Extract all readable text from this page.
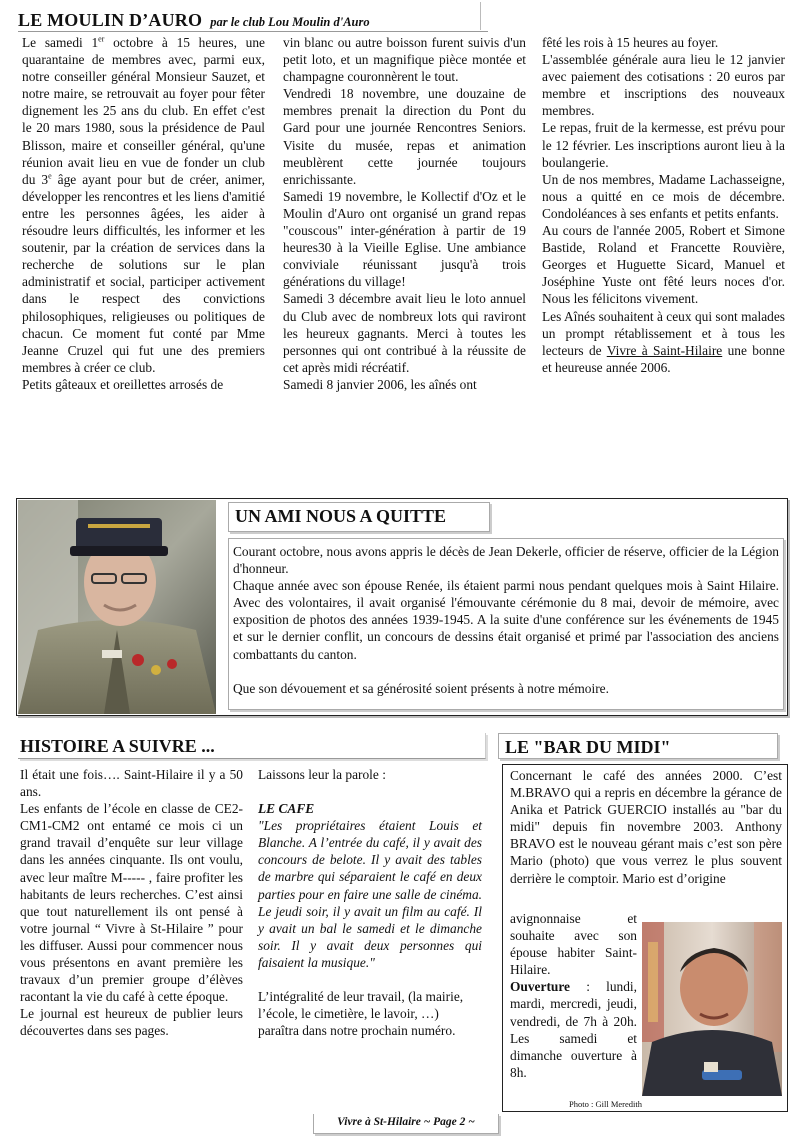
LE MOULIN D’AURO par le club Lou Moulin d'Auro

Le samedi 1er octobre à 15 heures, une quarantaine de membres avec, parmi eux, notre conseiller général Monsieur Sauzet, et notre maire, se retrouvait au foyer pour fêter dignement les 25 ans du club. En effet c'est le 20 mars 1980, sous la présidence de Paul Blisson, maire et conseiller général, qu'une réunion avait lieu en vue de fonder un club du 3e âge ayant pour but de créer, animer, développer les rencontres et les liens d'amitié entre les personnes âgées, les aider à résoudre leurs difficultés, les informer et les soutenir, par la création de services dans la recherche de solutions sur le plan administratif et social, participer activement dans le respect des convictions philosophiques, religieuses ou politiques de chacun. Ce moment fut conté par Mme Jeanne Cruzel qui fut une des premiers membres à créer ce club.

Petits gâteaux et oreillettes arrosés de

vin blanc ou autre boisson furent suivis d'un petit loto, et un magnifique pièce montée et champagne couronnèrent le tout.

Vendredi 18 novembre, une douzaine de membres prenait la direction du Pont du Gard pour une journée Rencontres Seniors. Visite du musée, repas et animation meublèrent cette journée toujours enrichissante.

Samedi 19 novembre, le Kollectif d'Oz et le Moulin d'Auro ont organisé un grand repas "couscous" inter-génération à partir de 19 heures30 à la Vieille Eglise. Une ambiance conviviale réunissant jusqu'à trois générations du village!

Samedi 3 décembre avait lieu le loto annuel du Club avec de nombreux lots qui raviront les heureux gagnants. Merci à toutes les personnes qui ont contribué à la réussite de cet après midi récréatif.

Samedi 8 janvier 2006, les aînés ont

fêté les rois à 15 heures au foyer.

L'assemblée générale aura lieu le 12 janvier avec paiement des cotisations : 20 euros par membre et inscriptions des nouveaux membres.

Le repas, fruit de la kermesse, est prévu pour le 12 février. Les inscriptions auront lieu à la boulangerie.

Un de nos membres, Madame Lachasseigne, nous a quitté en ce mois de décembre. Condoléances à ses enfants et petits enfants.

Au cours de l'année 2005, Robert et Simone Bastide, Roland et Francette Rouvière, Georges et Huguette Sicard, Manuel et Joséphine Yuste ont fêté leurs noces d'or. Nous les félicitons vivement.

Les Aînés souhaitent à ceux qui sont malades un prompt rétablissement et à tous les lecteurs de Vivre à Saint-Hilaire une bonne et heureuse année 2006.

UN AMI NOUS A QUITTE

Courant octobre, nous avons appris le décès de Jean Dekerle, officier de réserve, officier de la Légion d'honneur.

Chaque année avec son épouse Renée, ils étaient parmi nous pendant quelques mois à Saint Hilaire. Avec des volontaires, il avait organisé l'émouvante cérémonie du 8 mai, devoir de mémoire, avec exposition de photos des années 1939-1945. A la suite d'une conférence sur les événements de 1945 et sur le dernier conflit, un concours de dessins était organisé et primé par l'association des anciens combattants du canton.

Que son dévouement et sa générosité soient présents à notre mémoire.

HISTOIRE A SUIVRE ...

Il était une fois…. Saint-Hilaire il y a 50 ans.

Les enfants de l’école en classe de CE2-CM1-CM2 ont entamé ce mois ci un grand travail d’enquête sur leur village dans les années cinquante. Ils ont voulu, avec leur maître M----- , faire profiter les habitants de leurs recherches. C’est ainsi que tout naturellement ils ont pensé à votre journal “ Vivre à St-Hilaire ” pour les diffuser. Aussi pour commencer nous vous présentons en avant première les travaux d’un premier groupe d’élèves racontant la vie du café à cette époque.

Le journal est heureux de publier leurs découvertes dans ses pages.

Laissons leur la parole :

LE CAFE

"Les propriétaires étaient Louis et Blanche. A l’entrée du café, il y avait des concours de belote. Il y avait des tables de marbre qui séparaient le café en deux parties pour en faire une salle de cinéma. Le jeudi soir, il y avait un film au café. Il y avait un bal le samedi et le dimanche soir. Il y avait deux personnes qui faisaient la musique."

L’intégralité de leur travail, (la mairie, l’école, le cimetière, le lavoir, …) paraîtra dans notre prochain numéro.

LE "BAR DU MIDI"

Concernant le café des années 2000. C’est M.BRAVO qui a repris en décembre la gérance de Anika et Patrick GUERCIO installés au "bar du midi" depuis fin novembre 2003. Anthony BRAVO est le nouveau gérant mais c’est son père Mario (photo) que vous verrez le plus souvent derrière le comptoir. Mario est d’origine

avignonnaise et souhaite avec son épouse habiter Saint-Hilaire.

Ouverture : lundi, mardi, mercredi, jeudi, vendredi, de 7h à 20h. Les samedi et dimanche ouverture à 8h.

Photo : Gill Meredith
Vivre à St-Hilaire ~ Page 2 ~
